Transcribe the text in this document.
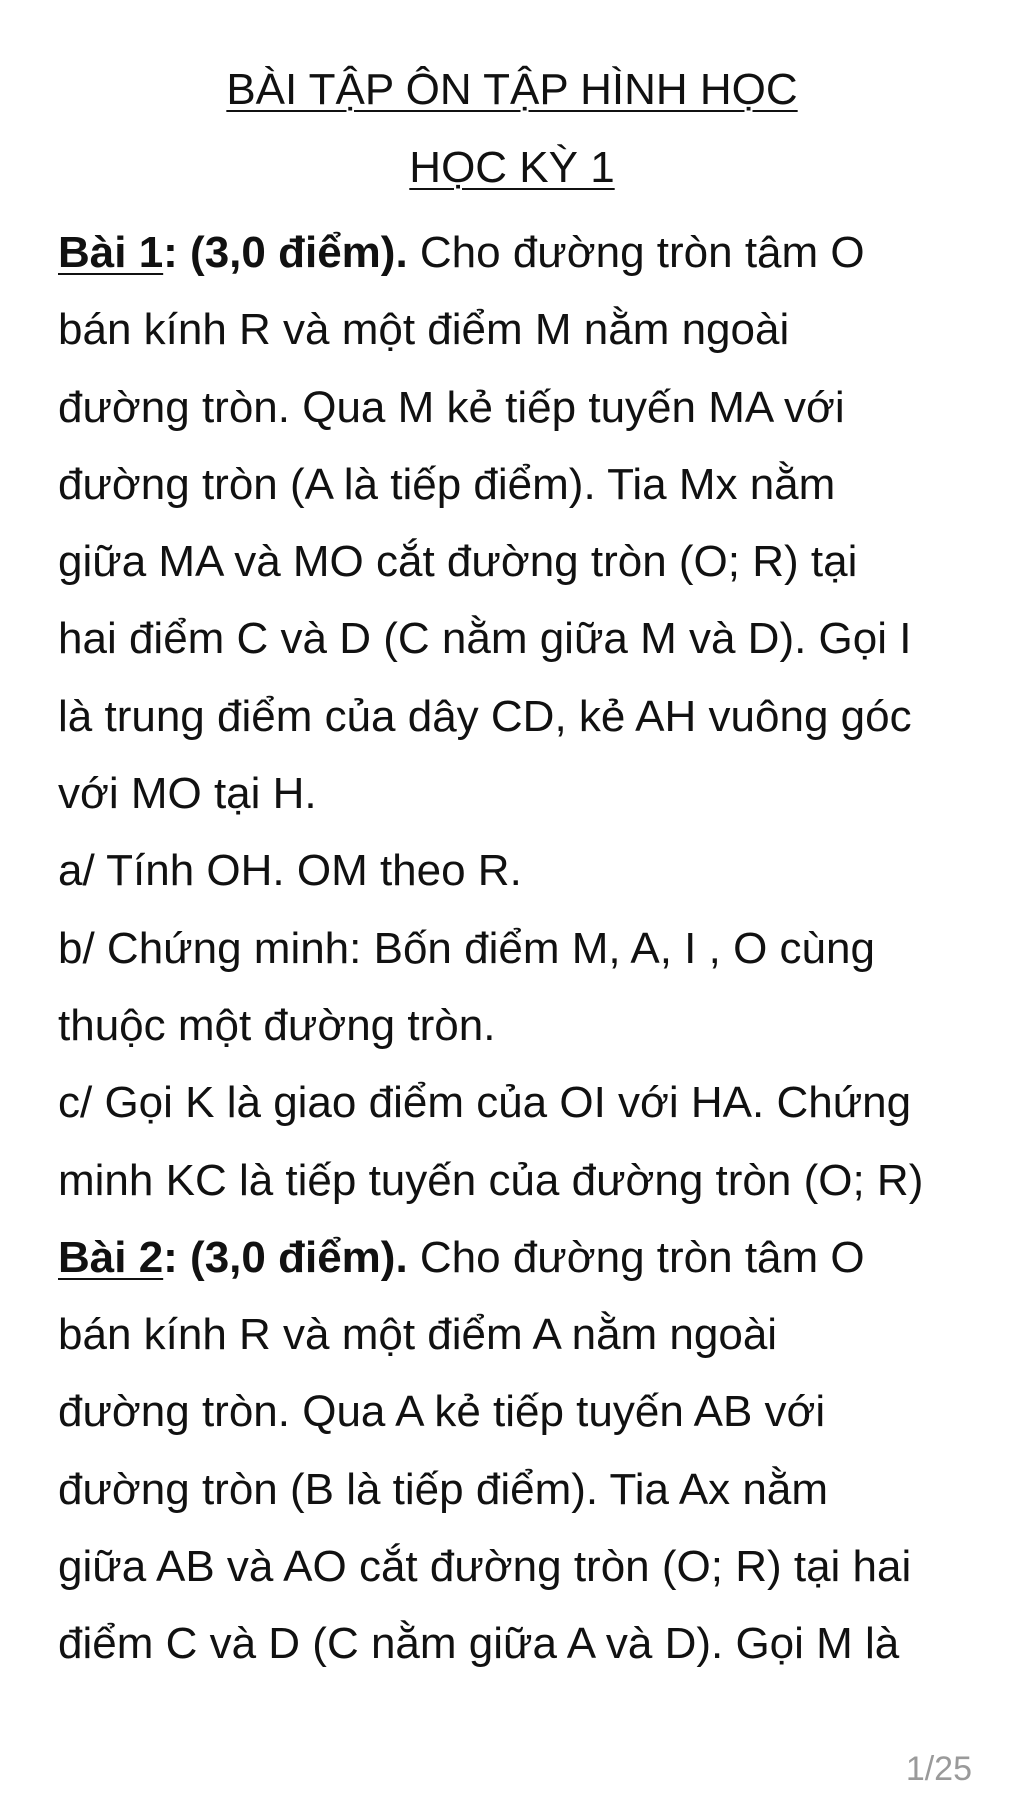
BÀI TẬP ÔN TẬP HÌNH HỌC
HỌC KỲ 1
Bài 1: (3,0 điểm). Cho đường tròn tâm O
bán kính R và một điểm M nằm ngoài
đường tròn. Qua M kẻ tiếp tuyến MA với
đường tròn (A là tiếp điểm). Tia Mx nằm
giữa MA và MO cắt đường tròn (O; R) tại
hai điểm C và D (C nằm giữa M và D). Gọi I
là trung điểm của dây CD, kẻ AH vuông góc
với MO tại H.
a/ Tính OH. OM theo R.
b/ Chứng minh: Bốn điểm M, A, I , O cùng
thuộc một đường tròn.
c/ Gọi K là giao điểm của OI với HA. Chứng
minh KC là tiếp tuyến của đường tròn (O; R)
Bài 2: (3,0 điểm). Cho đường tròn tâm O
bán kính R và một điểm A nằm ngoài
đường tròn. Qua A kẻ tiếp tuyến AB với
đường tròn (B là tiếp điểm). Tia Ax nằm
giữa AB và AO cắt đường tròn (O; R) tại hai
điểm C và D (C nằm giữa A và D). Gọi M là
1/25
